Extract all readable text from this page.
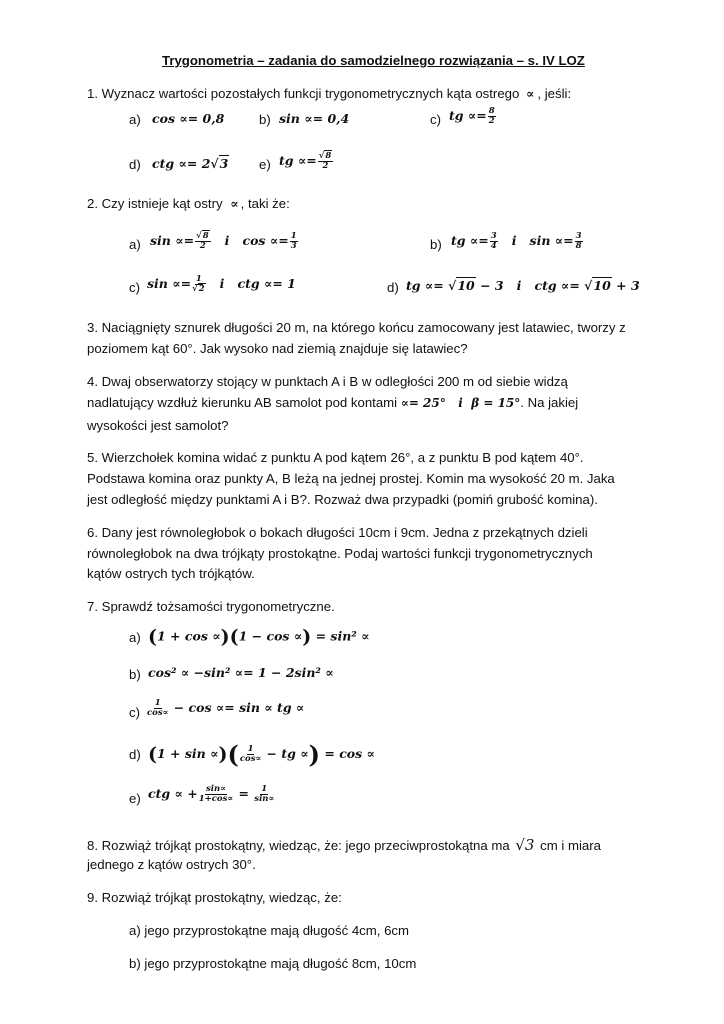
Trygonometria – zadania do samodzielnego rozwiązania – s. IV LOZ
1. Wyznacz wartości pozostałych funkcji trygonometrycznych kąta ostrego ∝ , jeśli:
a) cos ∝= 0,8	b) sin ∝= 0,4	c) tg ∝= $\frac{8}{2}$
d) ctg ∝= 2√3 e) tg ∝= $\frac{√8}{2}$
2. Czy istnieje kąt ostry ∝ , taki że:
a) $\sin \propto= \frac{√8}{2}$ i   $\cos \propto= \frac{1}{3}$	b) tg ∝= $\frac{3}{4}$ i   $\sin \propto= \frac{3}{8}$
c) $\sin \propto= \frac{1}{√2}$ i   ctg ∝= 1	d) tg ∝= √10 − 3   i   ctg ∝= √10 + 3
3. Naciągnięty sznurek długości 20 m, na którego końcu zamocowany jest latawiec, tworzy z
poziomem kąt 60°. Jak wysoko nad ziemią znajduje się latawiec?
4. Dwaj obserwatorzy stojący w punktach A i B w odległości 200 m od siebie widzą
nadlatujący wzdłuż kierunku AB samolot pod kontami ∝= 25°   i  β = 15°. Na jakiej
wysokości jest samolot?
5. Wierzchołek komina widać z punktu A pod kątem 26°, a z punktu B pod kątem 40°.
Podstawa komina oraz punkty A, B leżą na jednej prostej. Komin ma wysokość 20 m. Jaka
jest odległość między punktami A i B?. Rozważ dwa przypadki (pomiń grubość komina).
6. Dany jest równoległobok o bokach długości 10cm i 9cm. Jedna z przekątnych dzieli
równoległobok na dwa trójkąty prostokątne. Podaj wartości funkcji trygonometrycznych
kątów ostrych tych trójkątów.
7. Sprawdź tożsamości trygonometryczne.
a) (1 + cos ∝)(1 − cos ∝) = sin² ∝
b) cos² ∝ −sin² ∝= 1 − 2sin² ∝
$c) \frac{1}{\cos\propto} - \cos \propto= \sin$ ∝ tg ∝
d) (1 + sin ∝)( $\frac{1}{\cos\propto}$ − tg ∝) = cos ∝
e) ctg ∝ + $\frac{\sin\propto}{1+\cos\propto} = \frac{1}{\sin\propto}$
8. Rozwiąż trójkąt prostokątny, wiedząc, że: jego przeciwprostokątna ma √3 cm i miara
jednego z kątów ostrych 30°.
9. Rozwiąż trójkąt prostokątny, wiedząc, że:
a) jego przyprostokątne mają długość 4cm, 6cm
b) jego przyprostokątne mają długość 8cm, 10cm
